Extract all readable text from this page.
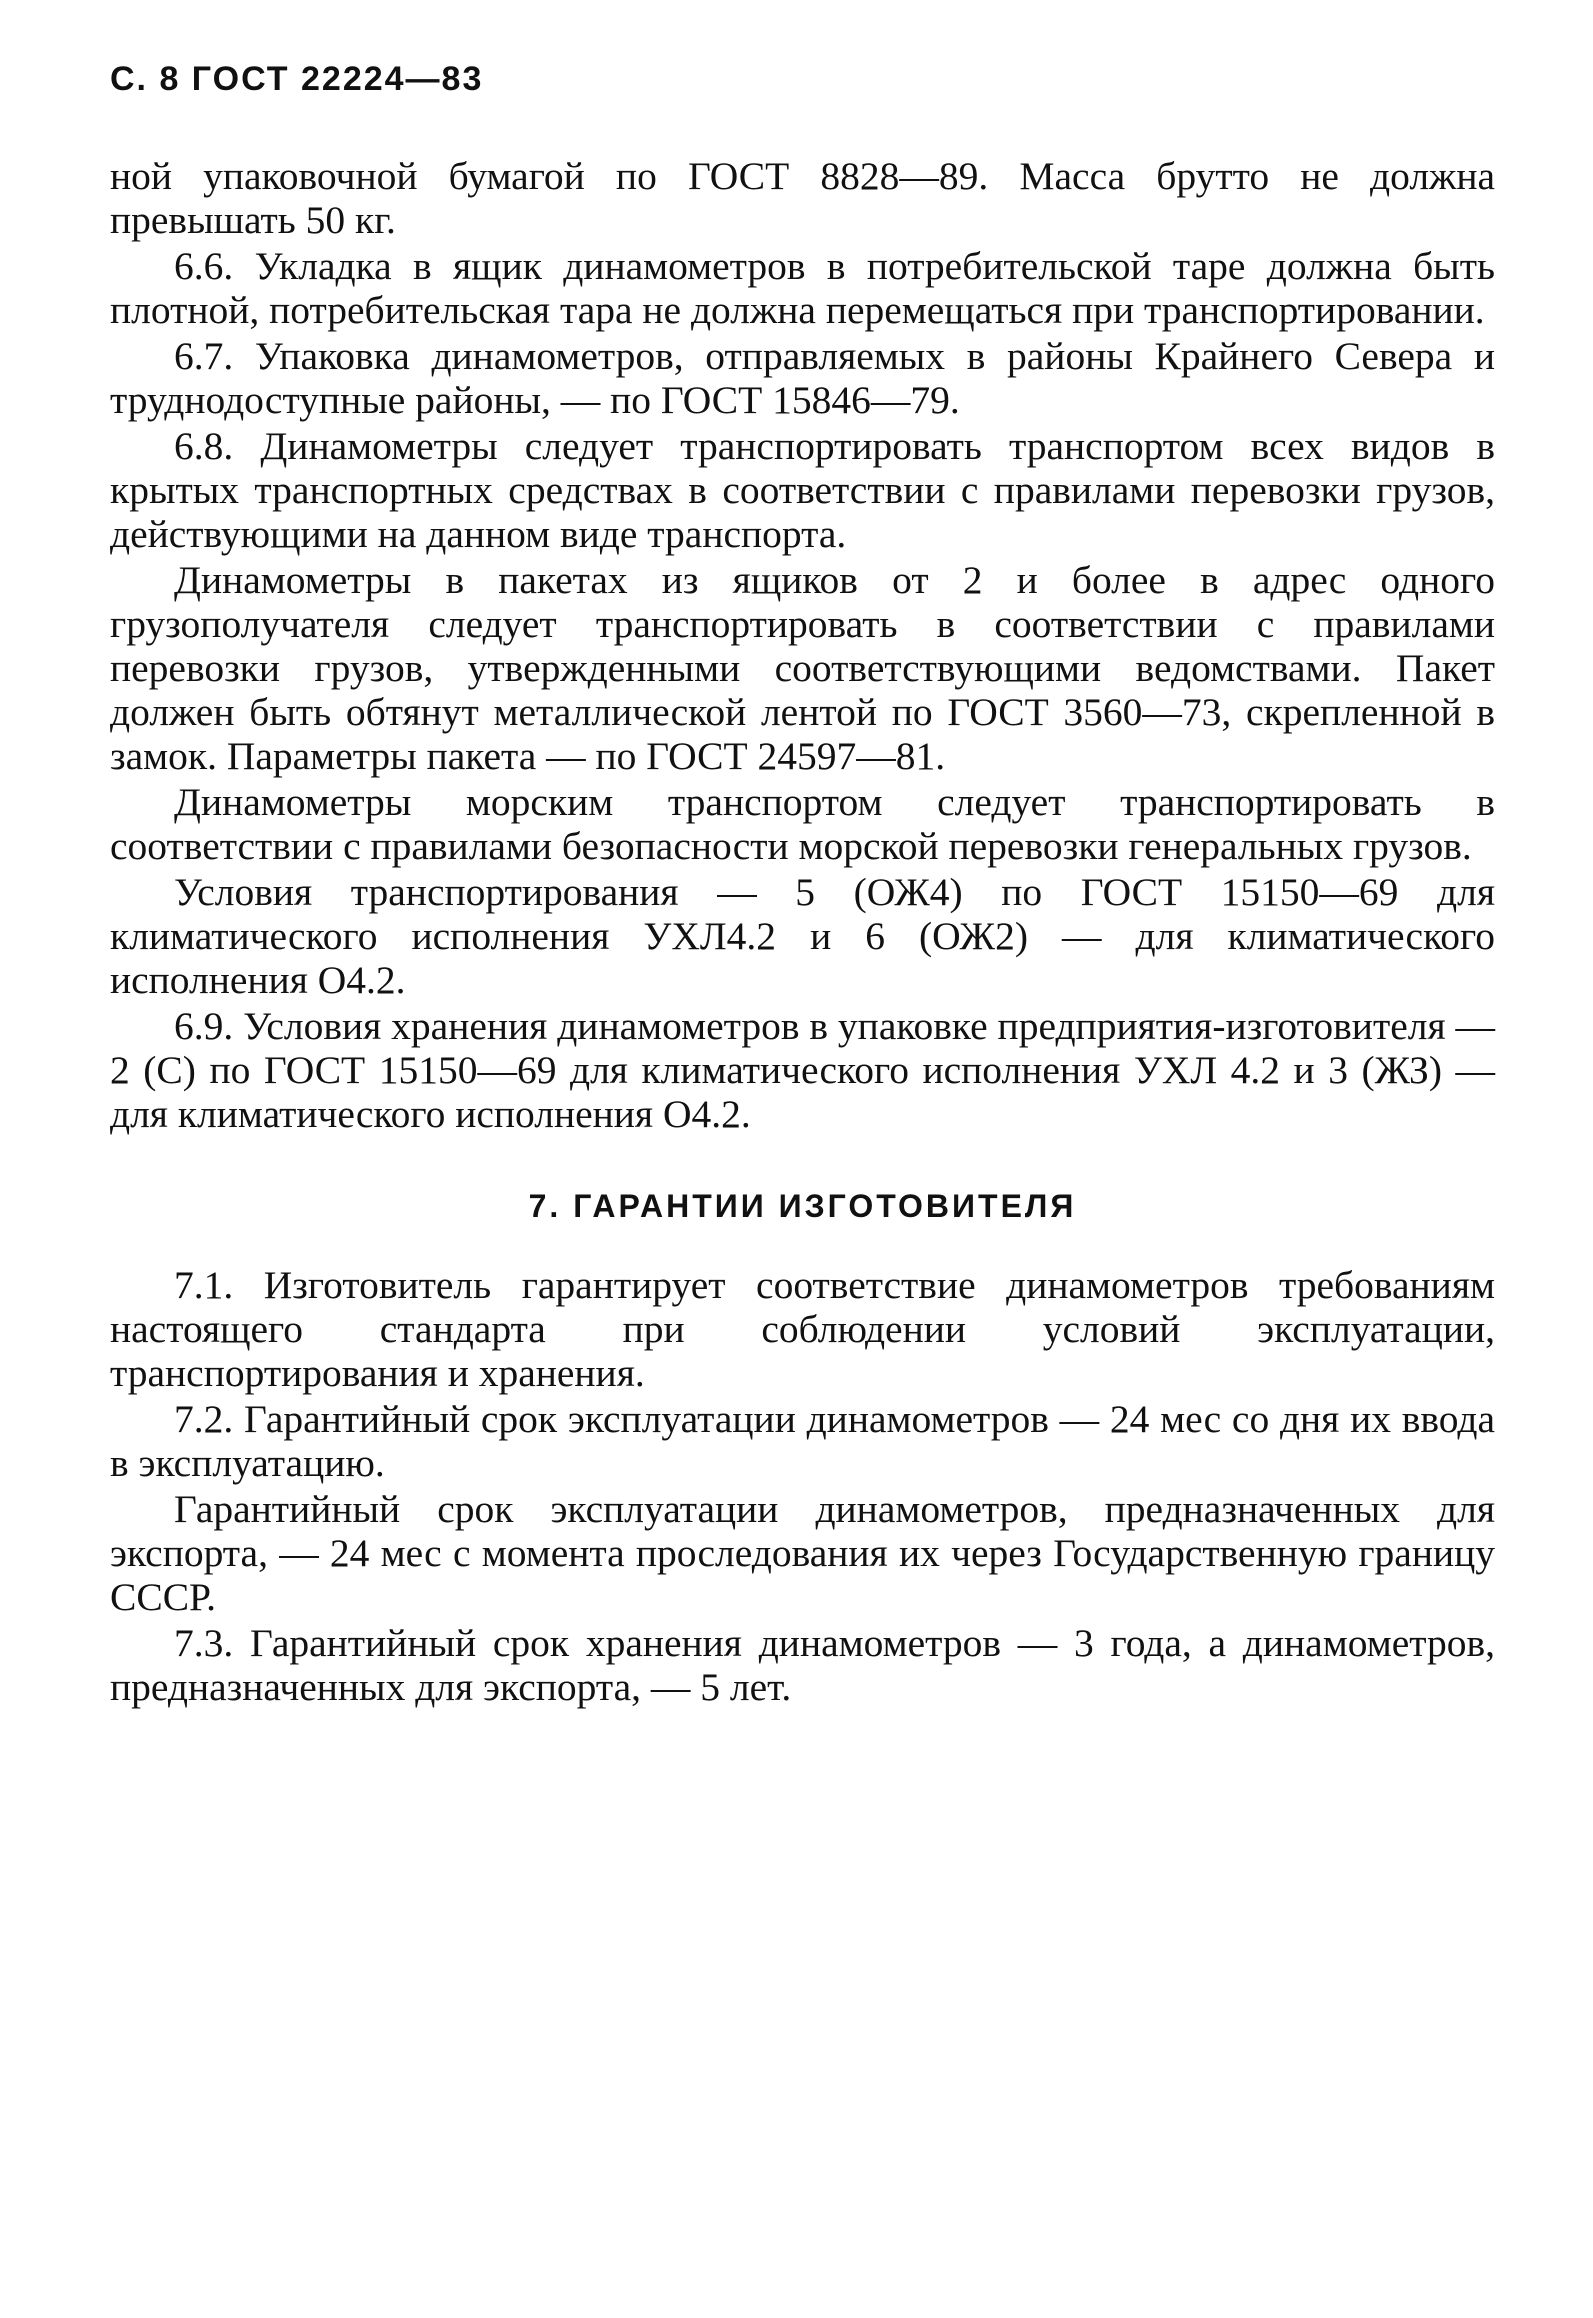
С. 8 ГОСТ 22224—83

ной упаковочной бумагой по ГОСТ 8828—89. Масса брутто не должна превышать 50 кг.

6.6. Укладка в ящик динамометров в потребительской таре должна быть плотной, потребительская тара не должна перемещаться при транспортировании.

6.7. Упаковка динамометров, отправляемых в районы Крайнего Севера и труднодоступные районы, — по ГОСТ 15846—79.

6.8. Динамометры следует транспортировать транспортом всех видов в крытых транспортных средствах в соответствии с правилами перевозки грузов, действующими на данном виде транспорта.

Динамометры в пакетах из ящиков от 2 и более в адрес одного грузополучателя следует транспортировать в соответствии с правилами перевозки грузов, утвержденными соответствующими ведомствами. Пакет должен быть обтянут металлической лентой по ГОСТ 3560—73, скрепленной в замок. Параметры пакета — по ГОСТ 24597—81.

Динамометры морским транспортом следует транспортировать в соответствии с правилами безопасности морской перевозки генеральных грузов.

Условия транспортирования — 5 (ОЖ4) по ГОСТ 15150—69 для климатического исполнения УХЛ4.2 и 6 (ОЖ2) — для климатического исполнения О4.2.

6.9. Условия хранения динамометров в упаковке предприятия-изготовителя — 2 (С) по ГОСТ 15150—69 для климатического исполнения УХЛ 4.2 и 3 (ЖЗ) — для климатического исполнения О4.2.

7. ГАРАНТИИ ИЗГОТОВИТЕЛЯ

7.1. Изготовитель гарантирует соответствие динамометров требованиям настоящего стандарта при соблюдении условий эксплуатации, транспортирования и хранения.

7.2. Гарантийный срок эксплуатации динамометров — 24 мес со дня их ввода в эксплуатацию.

Гарантийный срок эксплуатации динамометров, предназначенных для экспорта, — 24 мес с момента проследования их через Государственную границу СССР.

7.3. Гарантийный срок хранения динамометров — 3 года, а динамометров, предназначенных для экспорта, — 5 лет.
